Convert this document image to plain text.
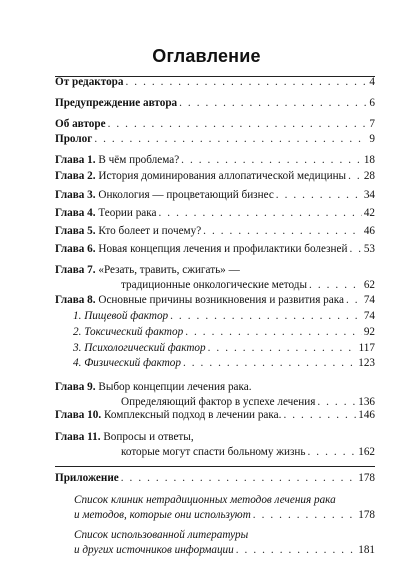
Оглавление
От редактора . . .	4
Предупреждение автора . . .	6
Об авторе . . .	7
Пролог . . .	9
Глава 1. В чём проблема? . . .	18
Глава 2. История доминирования аллопатической медицины . . . 28
Глава 3. Онкология — процветающий бизнес . . .	34
Глава 4. Теории рака . . .	42
Глава 5. Кто болеет и почему? . . .	46
Глава 6. Новая концепция лечения и профилактики болезней . . . 53
Глава 7. «Резать, травить, сжигать» —
традиционные онкологические методы . . .	62
Глава 8. Основные причины возникновения и развития рака . . . 74
1. Пищевой фактор . . .	74
2. Токсический фактор . . .	92
3. Психологический фактор . . .	117
4. Физический фактор . . .	123
Глава 9. Выбор концепции лечения рака.
Определяющий фактор в успехе лечения . . .	136
Глава 10. Комплексный подход в лечении рака. . . .	146
Глава 11. Вопросы и ответы,
которые могут спасти больному жизнь . . .	162
Приложение . . .	178
Список клиник нетрадиционных методов лечения рака
и методов, которые они используют . . .	178
Список использованной литературы
и других источников информации . . .	181
